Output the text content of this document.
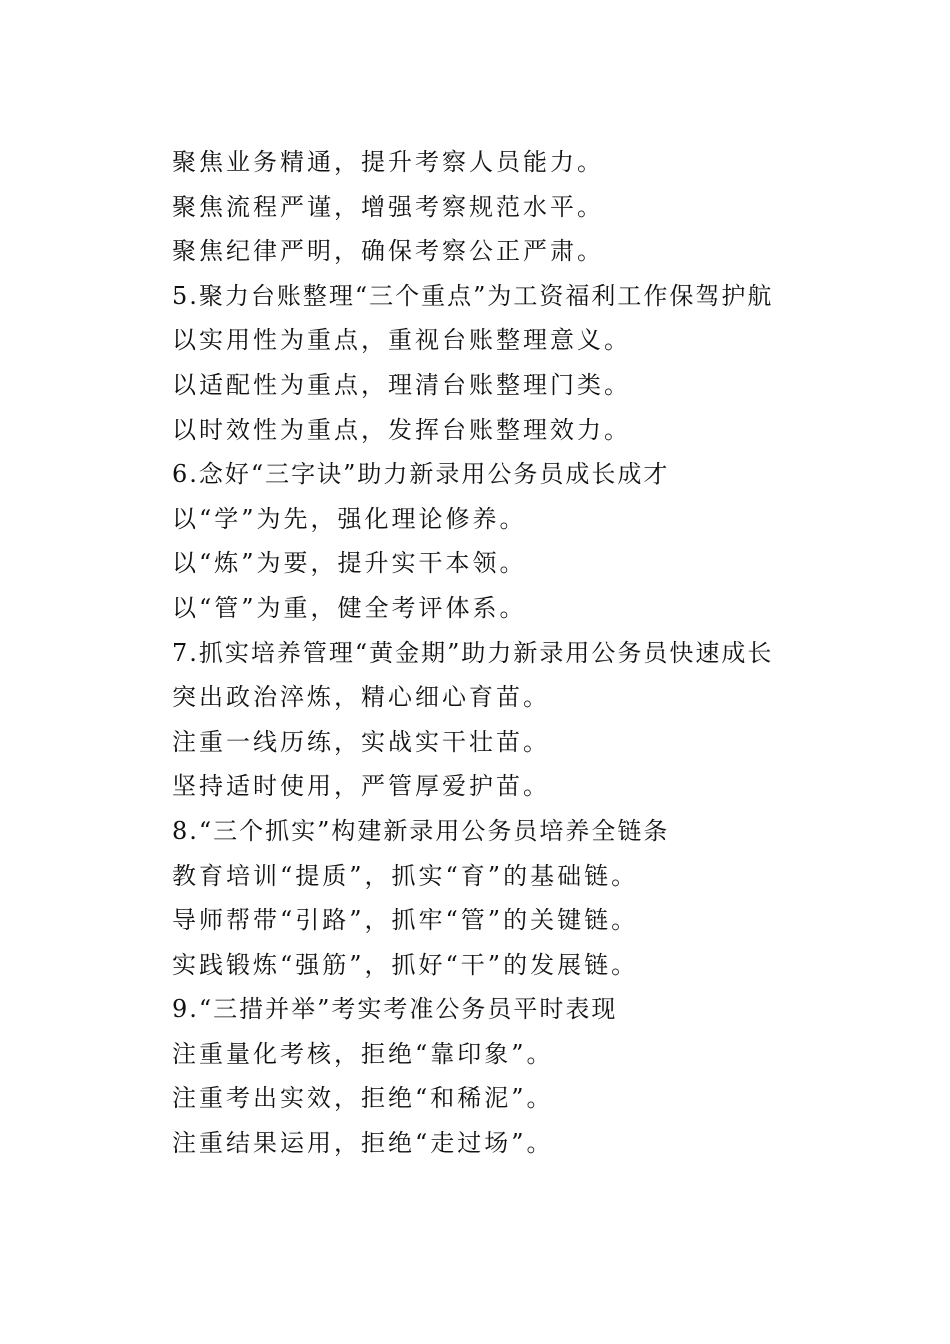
聚焦业务精通，提升考察人员能力。
聚焦流程严谨，增强考察规范水平。
聚焦纪律严明，确保考察公正严肃。
5.聚力台账整理“三个重点”为工资福利工作保驾护航
以实用性为重点，重视台账整理意义。
以适配性为重点，理清台账整理门类。
以时效性为重点，发挥台账整理效力。
6.念好“三字诀”助力新录用公务员成长成才
以“学”为先，强化理论修养。
以“炼”为要，提升实干本领。
以“管”为重，健全考评体系。
7.抓实培养管理“黄金期”助力新录用公务员快速成长
突出政治淬炼，精心细心育苗。
注重一线历练，实战实干壮苗。
坚持适时使用，严管厚爱护苗。
8.“三个抓实”构建新录用公务员培养全链条
教育培训“提质”，抓实“育”的基础链。
导师帮带“引路”，抓牢“管”的关键链。
实践锻炼“强筋”，抓好“干”的发展链。
9.“三措并举”考实考准公务员平时表现
注重量化考核，拒绝“靠印象”。
注重考出实效，拒绝“和稀泥”。
注重结果运用，拒绝“走过场”。
